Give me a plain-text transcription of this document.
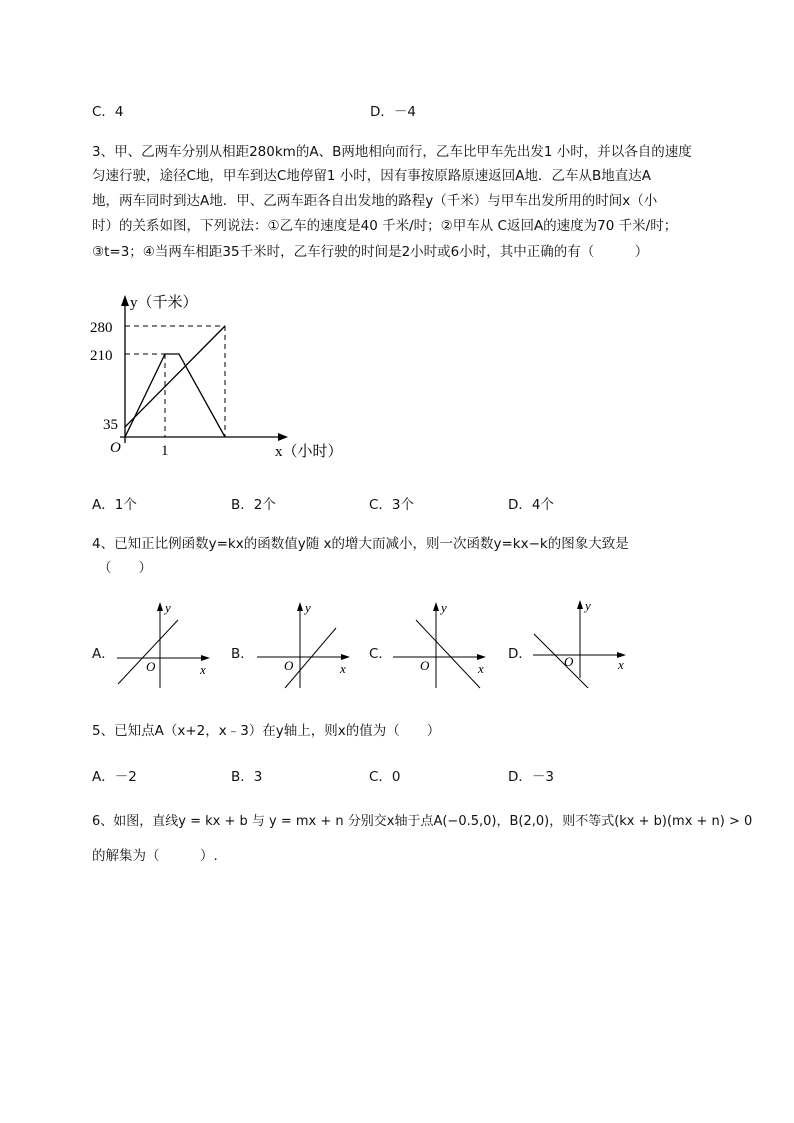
C．4	D．－4
3、甲、乙两车分别从相距280km的A、B两地相向而行，乙车比甲车先出发1 小时，并以各自的速度
匀速行驶，途径C地，甲车到达C地停留1 小时，因有事按原路原速返回A地．乙车从B地直达A
地，两车同时到达A地．甲、乙两车距各自出发地的路程y（千米）与甲车出发所用的时间x（小
时）的关系如图，下列说法：①乙车的速度是40 千米/时；②甲车从 C返回A的速度为70 千米/时；
③t=3；④当两车相距35千米时，乙车行驶的时间是2小时或6小时，其中正确的有（　　　）
y（千米）
280
210
35
O	1	x（小时）
A．1个	B．2个	C．3个	D．4个
4、已知正比例函数y=kx的函数值y随 x的增大而减小，则一次函数y=kx−k的图象大致是
（　　）
A．
y
x
O
B．
y
x
O
C．
y
x
O
D．
y
x
O
5、已知点A（x+2，x﹣3）在y轴上，则x的值为（　　）
A．－2	B．3	C．0	D．－3
6、如图，直线y = kx + b 与 y = mx + n 分别交x轴于点A(−0.5,0)，B(2,0)，则不等式(kx + b)(mx + n) > 0
的解集为（　　　）.
